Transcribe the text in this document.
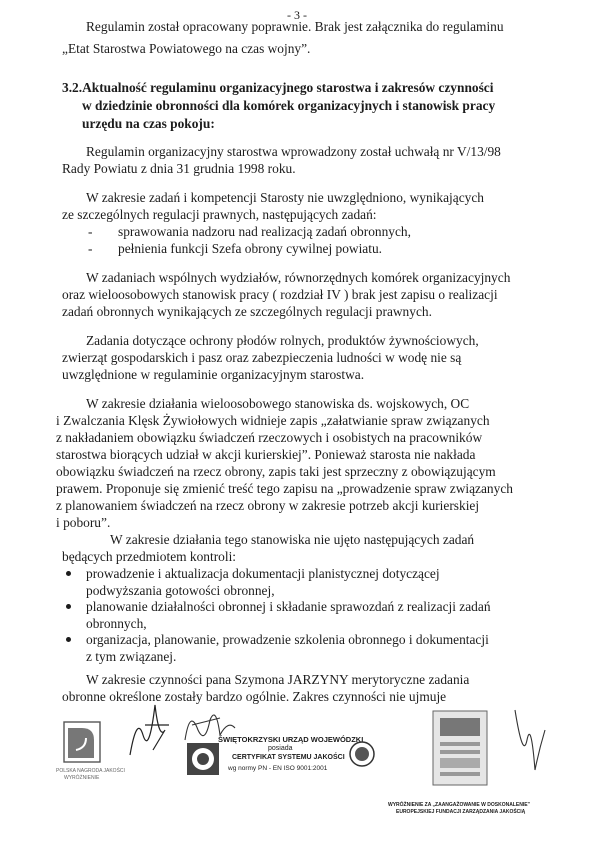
- 3 -
Regulamin został opracowany poprawnie. Brak jest załącznika do regulaminu
„Etat Starostwa Powiatowego na czas wojny”.
3.2.Aktualność regulaminu organizacyjnego starostwa i zakresów czynności
w dziedzinie obronności dla komórek organizacyjnych i stanowisk pracy
urzędu na czas pokoju:
Regulamin organizacyjny starostwa wprowadzony został uchwałą nr V/13/98
Rady Powiatu z dnia 31 grudnia 1998 roku.
W zakresie zadań i kompetencji Starosty nie uwzględniono, wynikających
ze szczególnych regulacji prawnych, następujących zadań:
- sprawowania nadzoru nad realizacją zadań obronnych,
- pełnienia funkcji Szefa obrony cywilnej powiatu.
W zadaniach wspólnych wydziałów, równorzędnych komórek organizacyjnych
oraz wieloosobowych stanowisk pracy ( rozdział IV ) brak jest zapisu o realizacji
zadań obronnych wynikających ze szczególnych regulacji prawnych.
Zadania dotyczące ochrony płodów rolnych, produktów żywnościowych,
zwierząt gospodarskich i pasz oraz zabezpieczenia ludności w wodę nie są
uwzględnione w regulaminie organizacyjnym starostwa.
W zakresie działania wieloosobowego stanowiska ds. wojskowych, OC
i Zwalczania Klęsk Żywiołowych widnieje zapis „załatwianie spraw związanych
z nakładaniem obowiązku świadczeń rzeczowych i osobistych na pracowników
starostwa biorących udział w akcji kurierskiej”. Ponieważ starosta nie nakłada
obowiązku świadczeń na rzecz obrony, zapis taki jest sprzeczny z obowiązującym
prawem. Proponuje się zmienić treść tego zapisu na „prowadzenie spraw związanych
z planowaniem świadczeń na rzecz obrony w zakresie potrzeb akcji kurierskiej
i poboru”.
W zakresie działania tego stanowiska nie ujęto następujących zadań
będących przedmiotem kontroli:
prowadzenie i aktualizacja dokumentacji planistycznej dotyczącej
podwyższania gotowości obronnej,
planowanie działalności obronnej i składanie sprawozdań z realizacji zadań
obronnych,
organizacja, planowanie, prowadzenie szkolenia obronnego i dokumentacji
z tym związanej.
W zakresie czynności pana Szymona JARZYNY merytoryczne zadania
obronne określone zostały bardzo ogólnie. Zakres czynności nie ujmuje
POLSKA NAGRODA JAKOŚCI
WYRÓŻNIENIE
ŚWIĘTOKRZYSKI URZĄD WOJEWÓDZKI
posiada
CERTYFIKAT SYSTEMU JAKOŚCI
wg normy PN - EN ISO 9001:2001
WYRÓŻNIENIE ZA „ZAANGAŻOWANIE W DOSKONALENIE”
EUROPEJSKIEJ FUNDACJI ZARZĄDZANIA JAKOŚCIĄ
